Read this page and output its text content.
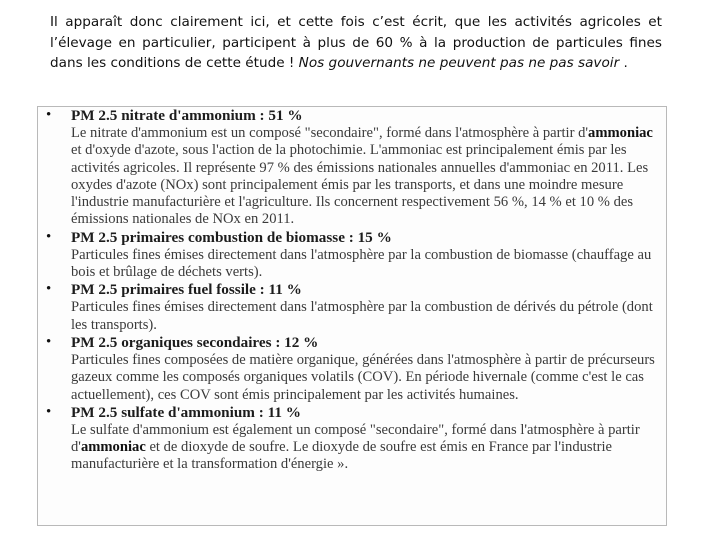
Il apparaît donc clairement ici, et cette fois c’est écrit, que les activités agricoles et l’élevage en particulier, participent à plus de 60 % à la production de particules fines dans les conditions de cette étude ! Nos gouvernants ne peuvent pas ne pas savoir .

• PM 2.5 nitrate d'ammonium : 51 %
Le nitrate d'ammonium est un composé "secondaire", formé dans l'atmosphère à partir d'ammoniac et d'oxyde d'azote, sous l'action de la photochimie. L'ammoniac est principalement émis par les activités agricoles. Il représente 97 % des émissions nationales annuelles d'ammoniac en 2011. Les oxydes d'azote (NOx) sont principalement émis par les transports, et dans une moindre mesure l'industrie manufacturière et l'agriculture. Ils concernent respectivement 56 %, 14 % et 10 % des émissions nationales de NOx en 2011.
• PM 2.5 primaires combustion de biomasse : 15 %
Particules fines émises directement dans l'atmosphère par la combustion de biomasse (chauffage au bois et brûlage de déchets verts).
• PM 2.5 primaires fuel fossile : 11 %
Particules fines émises directement dans l'atmosphère par la combustion de dérivés du pétrole (dont les transports).
• PM 2.5 organiques secondaires : 12 %
Particules fines composées de matière organique, générées dans l'atmosphère à partir de précurseurs gazeux comme les composés organiques volatils (COV). En période hivernale (comme c'est le cas actuellement), ces COV sont émis principalement par les activités humaines.
• PM 2.5 sulfate d'ammonium : 11 %
Le sulfate d'ammonium est également un composé "secondaire", formé dans l'atmosphère à partir d'ammoniac et de dioxyde de soufre. Le dioxyde de soufre est émis en France par l'industrie manufacturière et la transformation d'énergie ».
